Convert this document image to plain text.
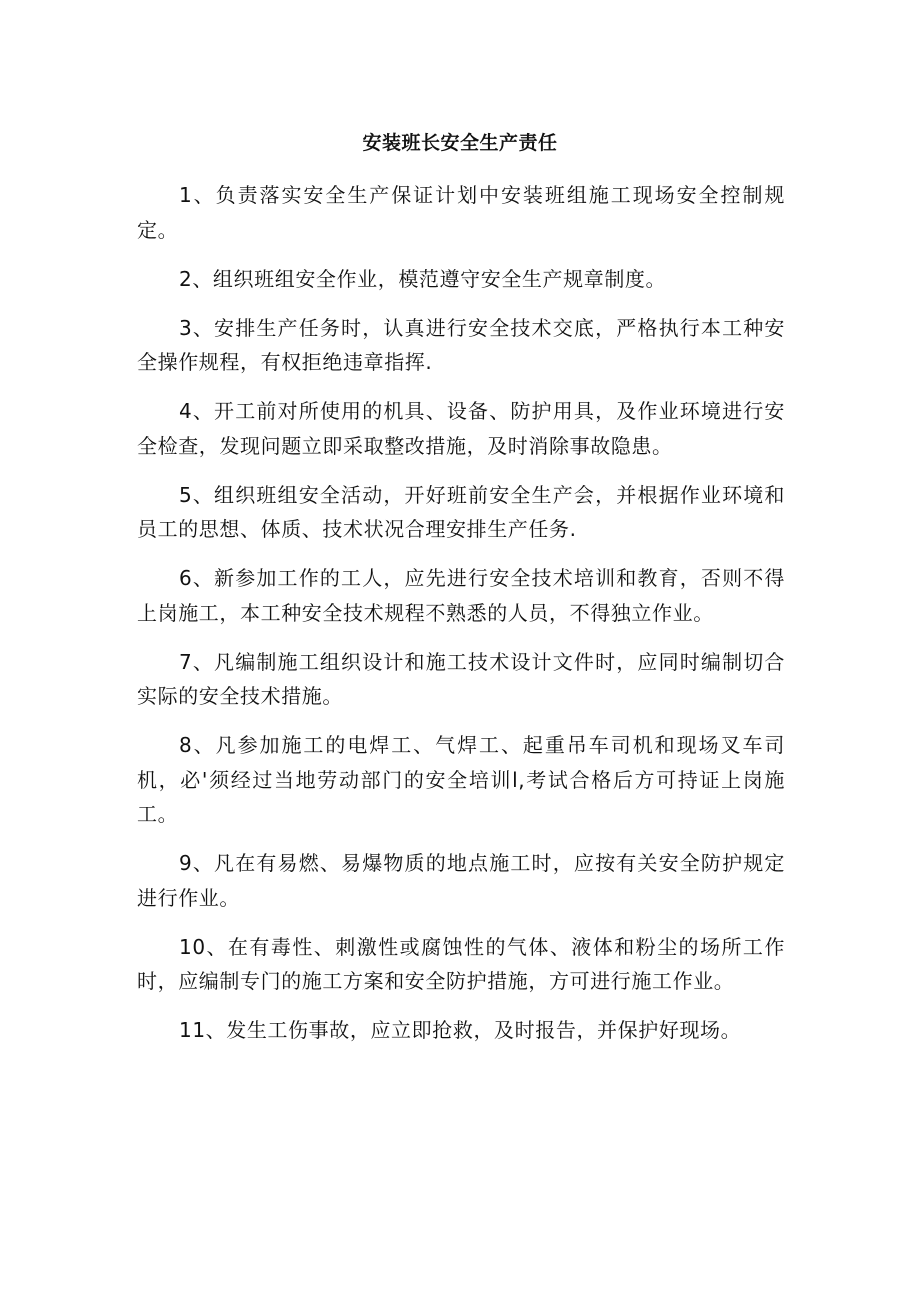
安装班长安全生产责任

1、负责落实安全生产保证计划中安装班组施工现场安全控制规定。

2、组织班组安全作业，模范遵守安全生产规章制度。

3、安排生产任务时，认真进行安全技术交底，严格执行本工种安全操作规程，有权拒绝违章指挥.

4、开工前对所使用的机具、设备、防护用具，及作业环境进行安全检查，发现问题立即采取整改措施，及时消除事故隐患。

5、组织班组安全活动，开好班前安全生产会，并根据作业环境和员工的思想、体质、技术状况合理安排生产任务.

6、新参加工作的工人，应先进行安全技术培训和教育，否则不得上岗施工，本工种安全技术规程不熟悉的人员，不得独立作业。

7、凡编制施工组织设计和施工技术设计文件时，应同时编制切合实际的安全技术措施。

8、凡参加施工的电焊工、气焊工、起重吊车司机和现场叉车司机，必'须经过当地劳动部门的安全培训l,考试合格后方可持证上岗施工。

9、凡在有易燃、易爆物质的地点施工时，应按有关安全防护规定进行作业。

10、在有毒性、刺激性或腐蚀性的气体、液体和粉尘的场所工作时，应编制专门的施工方案和安全防护措施，方可进行施工作业。

11、发生工伤事故，应立即抢救，及时报告，并保护好现场。
